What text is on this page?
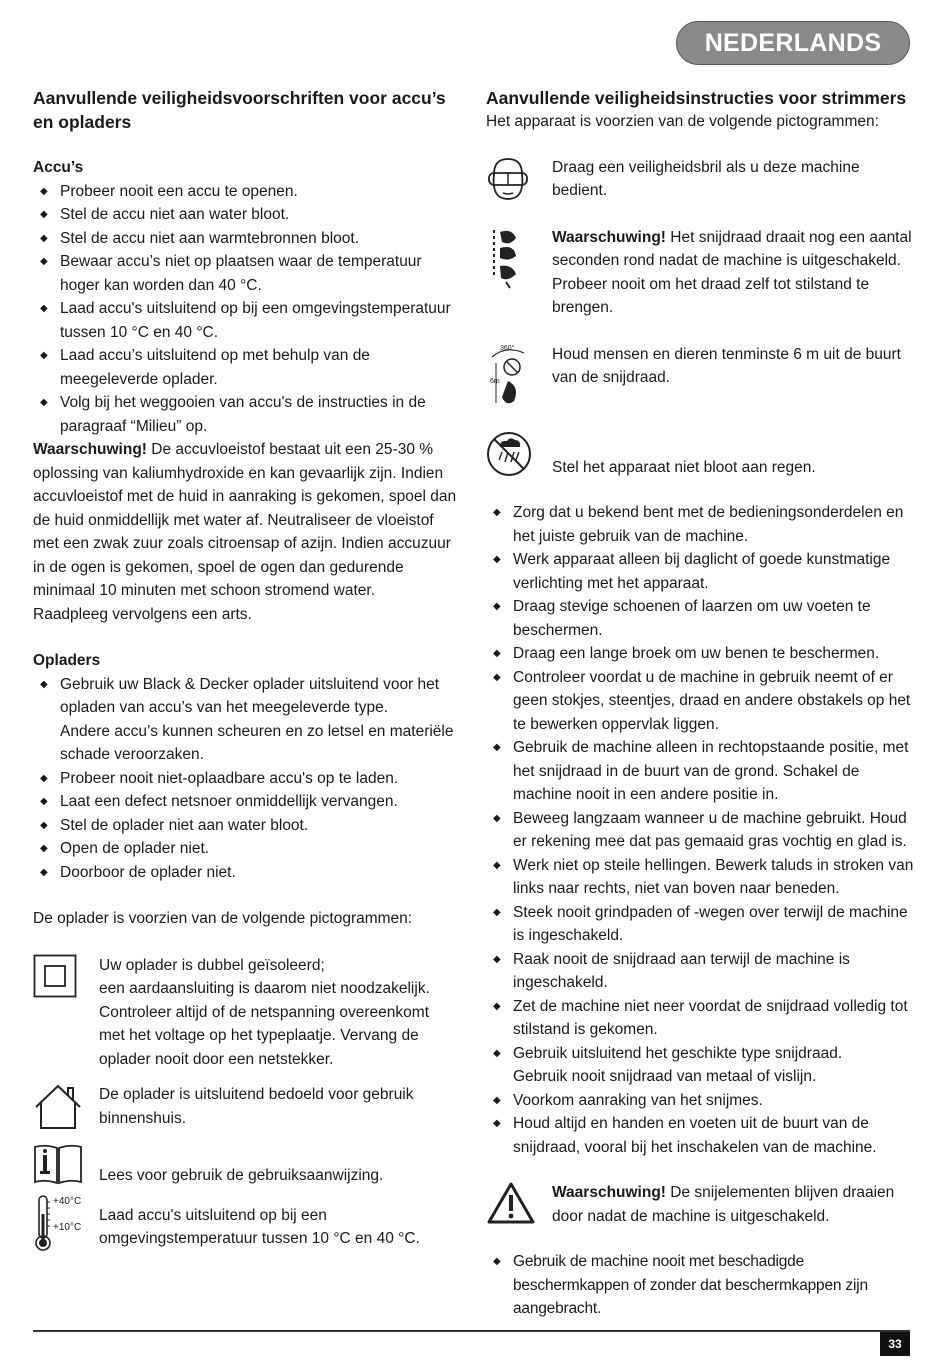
NEDERLANDS
Aanvullende veiligheidsvoorschriften voor accu’s en opladers
Accu’s
◆ Probeer nooit een accu te openen.
◆ Stel de accu niet aan water bloot.
◆ Stel de accu niet aan warmtebronnen bloot.
◆ Bewaar accu’s niet op plaatsen waar de temperatuur hoger kan worden dan 40 °C.
◆ Laad accu's uitsluitend op bij een omgevingstemperatuur tussen 10 °C en 40 °C.
◆ Laad accu’s uitsluitend op met behulp van de meegeleverde oplader.
◆ Volg bij het weggooien van accu's de instructies in de paragraaf “Milieu” op.

Waarschuwing! De accuvloeistof bestaat uit een 25-30 % oplossing van kaliumhydroxide en kan gevaarlijk zijn. Indien accuvloeistof met de huid in aanraking is gekomen, spoel dan de huid onmiddellijk met water af. Neutraliseer de vloeistof met een zwak zuur zoals citroensap of azijn. Indien accuzuur in de ogen is gekomen, spoel de ogen dan gedurende minimaal 10 minuten met schoon stromend water.

Raadpleeg vervolgens een arts.

Opladers
◆ Gebruik uw Black & Decker oplader uitsluitend voor het opladen van accu’s van het meegeleverde type.
Andere accu’s kunnen scheuren en zo letsel en materiële schade veroorzaken.
◆ Probeer nooit niet-oplaadbare accu's op te laden.
◆ Laat een defect netsnoer onmiddellijk vervangen.
◆ Stel de oplader niet aan water bloot.
◆ Open de oplader niet.
◆ Doorboor de oplader niet.

De oplader is voorzien van de volgende pictogrammen:

Uw oplader is dubbel geïsoleerd;

een aardaansluiting is daarom niet noodzakelijk. Controleer altijd of de netspanning overeenkomt met het voltage op het typeplaatje. Vervang de oplader nooit door een netstekker.

De oplader is uitsluitend bedoeld voor gebruik binnenshuis.

Lees voor gebruik de gebruiksaanwijzing.

+40°C
+10°C

Laad accu's uitsluitend op bij een omgevingstemperatuur tussen 10 °C en 40 °C.

Aanvullende veiligheidsinstructies voor strimmers

Het apparaat is voorzien van de volgende pictogrammen:

Draag een veiligheidsbril als u deze machine bedient.

Waarschuwing! Het snijdraad draait nog een aantal seconden rond nadat de machine is uitgeschakeld. Probeer nooit om het draad zelf tot stilstand te brengen.

360°
6m

Houd mensen en dieren tenminste 6 m uit de buurt van de snijdraad.

Stel het apparaat niet bloot aan regen.

◆ Zorg dat u bekend bent met de bedieningsonderdelen en het juiste gebruik van de machine.
◆ Werk apparaat alleen bij daglicht of goede kunstmatige verlichting met het apparaat.
◆ Draag stevige schoenen of laarzen om uw voeten te beschermen.
◆ Draag een lange broek om uw benen te beschermen.
◆ Controleer voordat u de machine in gebruik neemt of er geen stokjes, steentjes, draad en andere obstakels op het te bewerken oppervlak liggen.
◆ Gebruik de machine alleen in rechtopstaande positie, met het snijdraad in de buurt van de grond. Schakel de machine nooit in een andere positie in.
◆ Beweeg langzaam wanneer u de machine gebruikt. Houd er rekening mee dat pas gemaaid gras vochtig en glad is.
◆ Werk niet op steile hellingen. Bewerk taluds in stroken van links naar rechts, niet van boven naar beneden.
◆ Steek nooit grindpaden of -wegen over terwijl de machine is ingeschakeld.
◆ Raak nooit de snijdraad aan terwijl de machine is ingeschakeld.
◆ Zet de machine niet neer voordat de snijdraad volledig tot stilstand is gekomen.
◆ Gebruik uitsluitend het geschikte type snijdraad.
Gebruik nooit snijdraad van metaal of vislijn.
◆ Voorkom aanraking van het snijmes.
◆ Houd altijd en handen en voeten uit de buurt van de snijdraad, vooral bij het inschakelen van de machine.

Waarschuwing! De snijelementen blijven draaien door nadat de machine is uitgeschakeld.

◆ Gebruik de machine nooit met beschadigde beschermkappen of zonder dat beschermkappen zijn aangebracht.
33
